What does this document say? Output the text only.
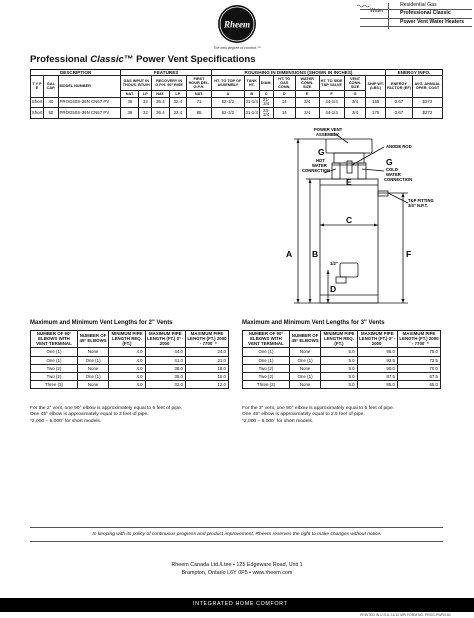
Rheem
The new degree of comfort.™
Water
Residential Gas
Professional Classic
Power Vent Water Heaters
Professional Classic™ Power Vent Specifications
DESCRIPTION			FEATURES					ROUGHING IN DIMENSIONS (SHOWN IN INCHES)								ENERGY INFO.	
T Y P E	GAL CAP.	MODEL NUMBER	GAS INPUT IN THOUS. BTU/H		RECOVERY IN G.P.H. 90° RISE		FIRST HOUR DEL. G.P.H.	HT. TO TOP OF ASSEMBLY	TANK HT.	DIAM.	HT. TO GAS CONN.	WATER CONN. SIZE	HT. TO SIDE T&P VALVE	VENT CONN. SIZE	SHIP WT. (LBS.)	ENERGY FACTOR (EF)	AVG. ANNUAL OPER. COST
			NAT.	LP	NAT.	LP	NAT.	A	B	C	D	E	F	G			
Short	40	PROG40S-36N CN67 PV	36	32	36.4	32.4	71	62-1/2	31-1/4	21-3/4	14	3/4	44-1/4	3/4	155	0.67	$272
Short	50	PROG50S-36N CN67 PV	36	32	36.4	32.4	85	62-1/2	31-1/4	23-3/4	14	3/4	44-1/4	3/4	175	0.67	$272
POWER VENT
ASSEMBLY
ANODE ROD
G
HOT
WATER
CONNECTION
G
COLD
WATER
CONNECTION
T&P FITTING
3/4" N.P.T.
E
C
A B	F
D
1/2"
Maximum and Minimum Vent Lengths for 2" Vents
NUMBER OF 90° ELBOWS WITH VENT TERMINAL	NUMBER OF 45° ELBOWS	MINIMUM PIPE LENGTH REQ. (FT.)	MAXIMUM PIPE LENGTH (FT.) 0° - 2000´	MAXIMUM PIPE LENGTH (FT.) 2000´ - 7700´ *
One (1)	None	4.0	44.0	24.0
One (1)	One (1)	4.0	41.0	21.0
Two (2)	None	4.0	38.0	18.0
Two (2)	One (1)	4.0	35.0	15.0
Three (3)	None	4.0	32.0	12.0
For the 2" vent, one 90° elbow is approximately equal to 6 feet of pipe.
One 45° elbow is approximately equal to 3 feet of pipe.
*2,000 – 6,000´ for short models.
Maximum and Minimum Vent Lengths for 3" Vents
NUMBER OF 90° ELBOWS WITH VENT TERMINAL	NUMBER OF 45° ELBOWS	MINIMUM PIPE LENGTH REQ. (FT.)	MAXIMUM PIPE LENGTH (FT.) 0° - 2000´	MAXIMUM PIPE LENGTH (FT.) 2000´ - 7700´ *
One (1)	None	5.0	95.0	75.0
One (1)	One (1)	5.0	92.5	72.5
Two (2)	None	5.0	90.0	70.0
Two (2)	One (1)	5.0	87.5	67.5
Three (3)	None	5.0	85.0	65.0
For the 3" vent, one 90° elbow is approximately equal to 5 feet of pipe.
One 45° elbow is approximately equal to 2.5 feet of pipe.
*2,000 – 6,000´ for short models.
In keeping with its policy of continuous progress and product improvement, Rheem reserves the right to make changes without notice.
Rheem Canada Ltd./Ltee • 125 Edgeware Road, Unit 1
Brampton, Ontario L6Y 0P5 • www.rheem.com
INTEGRATED HOME COMFORT
PRINTED IN U.S.A. 11/14 MPI FORM NO. PROG-PWRV-61
